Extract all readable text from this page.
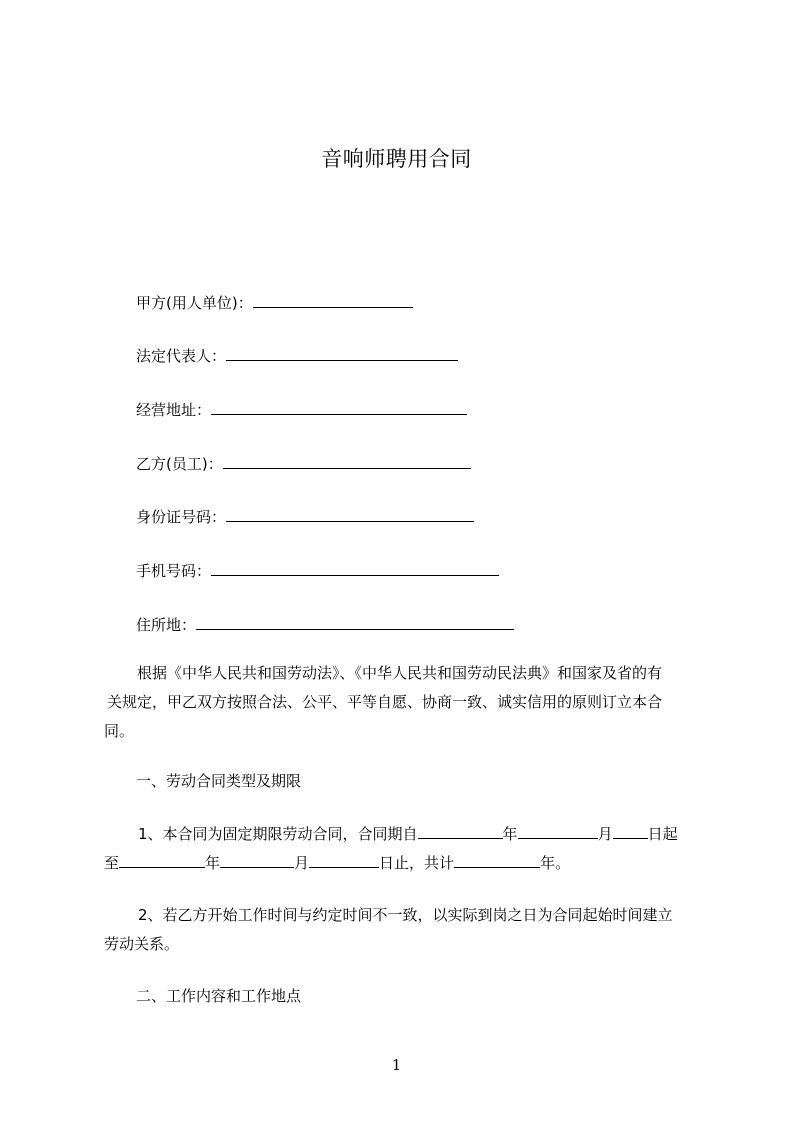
音响师聘用合同
甲方(用人单位)：
法定代表人：
经营地址：
乙方(员工)：
身份证号码：
手机号码：
住所地：
根据《中华人民共和国劳动法》、《中华人民共和国劳动民法典》和国家及省的有
关规定，甲乙双方按照合法、公平、平等自愿、协商一致、诚实信用的原则订立本合
同。
一、劳动合同类型及期限
1、本合同为固定期限劳动合同，合同期自	年	月 日起
至	年	月	日止，共计	年。
2、若乙方开始工作时间与约定时间不一致，以实际到岗之日为合同起始时间建立
劳动关系。
二、工作内容和工作地点
1
